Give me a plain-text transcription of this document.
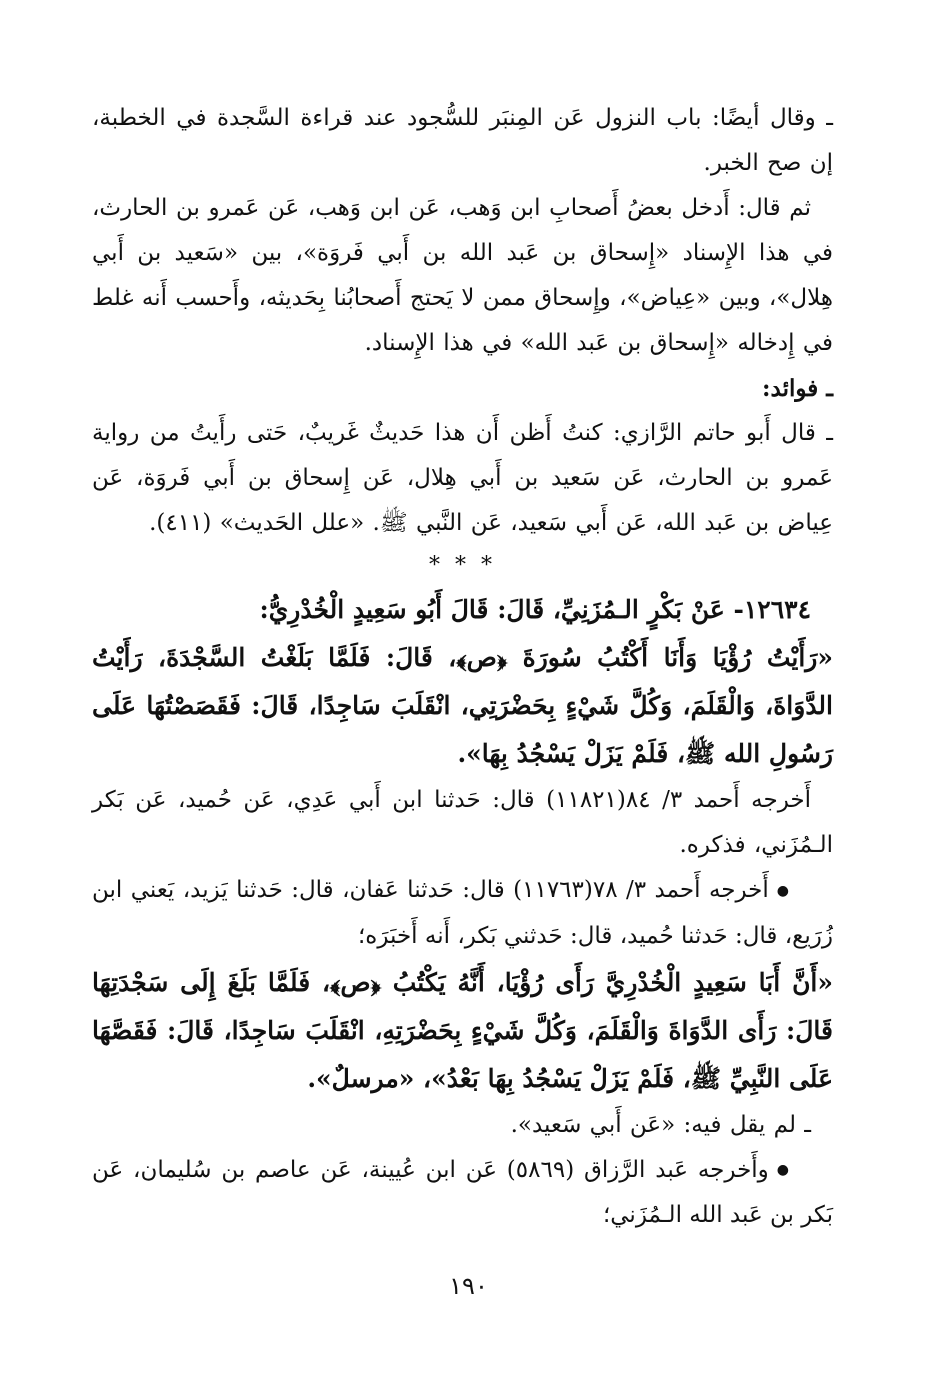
ـ وقال أيضًا: باب النزول عَن المِنبَر للسُّجود عند قراءة السَّجدة في الخطبة، إن صح الخبر.

ثم قال: أَدخل بعضُ أَصحابِ ابن وَهب، عَن ابن وَهب، عَن عَمرو بن الحارث، في هذا الإِسناد «إِسحاق بن عَبد الله بن أَبي فَروَة»، بين «سَعيد بن أَبي هِلال»، وبين «عِياض»، وإِسحاق ممن لا يَحتج أَصحابُنا بِحَديثه، وأَحسب أَنه غلط في إِدخاله «إِسحاق بن عَبد الله» في هذا الإِسناد.

ـ فوائد:

ـ قال أَبو حاتم الرَّازي: كنتُ أَظن أَن هذا حَديثٌ غَريبٌ، حَتى رأَيتُ من رواية عَمرو بن الحارث، عَن سَعيد بن أَبي هِلال، عَن إِسحاق بن أَبي فَروَة، عَن عِياض بن عَبد الله، عَن أَبي سَعيد، عَن النَّبي ﷺ. «علل الحَديث» (٤١١).

* * *

١٢٦٣٤- عَنْ بَكْرٍ الـمُزَنِيِّ، قَالَ: قَالَ أَبُو سَعِيدٍ الْخُدْرِيُّ:

«رَأَيْتُ رُؤْيَا وَأَنَا أَكْتُبُ سُورَةَ ﴿ص﴾، قَالَ: فَلَمَّا بَلَغْتُ السَّجْدَةَ، رَأَيْتُ الدَّوَاةَ، وَالْقَلَمَ، وَكُلَّ شَيْءٍ بِحَضْرَتِي، انْقَلَبَ سَاجِدًا، قَالَ: فَقَصَصْتُهَا عَلَى رَسُولِ الله ﷺ، فَلَمْ يَزَلْ يَسْجُدُ بِهَا».

أَخرجه أَحمد ٣/ ٨٤(١١٨٢١) قال: حَدثنا ابن أَبي عَدِي، عَن حُميد، عَن بَكر الـمُزَني، فذكره.

●أَخرجه أَحمد ٣/ ٧٨(١١٧٦٣) قال: حَدثنا عَفان، قال: حَدثنا يَزيد، يَعني ابن زُرَيع، قال: حَدثنا حُميد، قال: حَدثني بَكر، أَنه أَخبَرَه؛

«أَنَّ أَبَا سَعِيدٍ الْخُدْرِيَّ رَأَى رُؤْيَا، أَنَّهُ يَكْتُبُ ﴿ص﴾، فَلَمَّا بَلَغَ إِلَى سَجْدَتِهَا قَالَ: رَأَى الدَّوَاةَ وَالْقَلَمَ، وَكُلَّ شَيْءٍ بِحَضْرَتِهِ، انْقَلَبَ سَاجِدًا، قَالَ: فَقَصَّهَا عَلَى النَّبِيِّ ﷺ، فَلَمْ يَزَلْ يَسْجُدُ بِهَا بَعْدُ»، «مرسلٌ».

ـ لم يقل فيه: «عَن أَبي سَعيد».

●وأَخرجه عَبد الرَّزاق (٥٨٦٩) عَن ابن عُيينة، عَن عاصم بن سُليمان، عَن بَكر بن عَبد الله الـمُزَني؛

١٩٠
